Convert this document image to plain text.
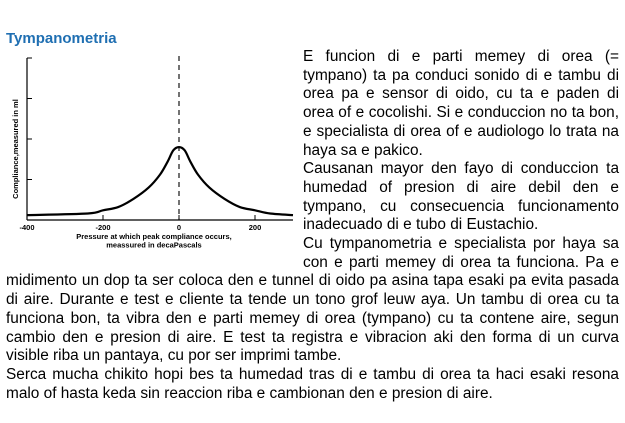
Tympanometria

E funcion di e parti memey di orea (= tympano) ta pa conduci sonido di e tambu di orea pa e sensor di oido, cu ta e paden di orea of e cocolishi. Si e conduccion no ta bon, e specialista di orea of e audiologo lo trata na haya sa e pakico.

Causanan mayor den fayo di conduccion ta humedad of presion di aire debil den e tympano, cu consecuencia funcionamento inadecuado di e tubo di Eustachio.

Cu tympanometria e specialista por haya sa con e parti memey di orea ta funciona. Pa e midimento un dop ta ser coloca den e tunnel di oido pa asina tapa esaki pa evita pasada di aire. Durante e test e cliente ta tende un tono grof leuw aya. Un tambu di orea cu ta funciona bon, ta vibra den e parti memey di orea (tympano) cu ta contene aire, segun cambio den e presion di aire. E test ta registra e vibracion aki den forma di un curva visible riba un pantaya, cu por ser imprimi tambe.

Serca mucha chikito hopi bes ta humedad tras di e tambu di orea ta haci esaki resona malo of hasta keda sin reaccion riba e cambionan den e presion di aire.

-400	-200	0	200
Compliance,measured in ml
Pressure at which peak compliance occurs,
meassured in decaPascals
